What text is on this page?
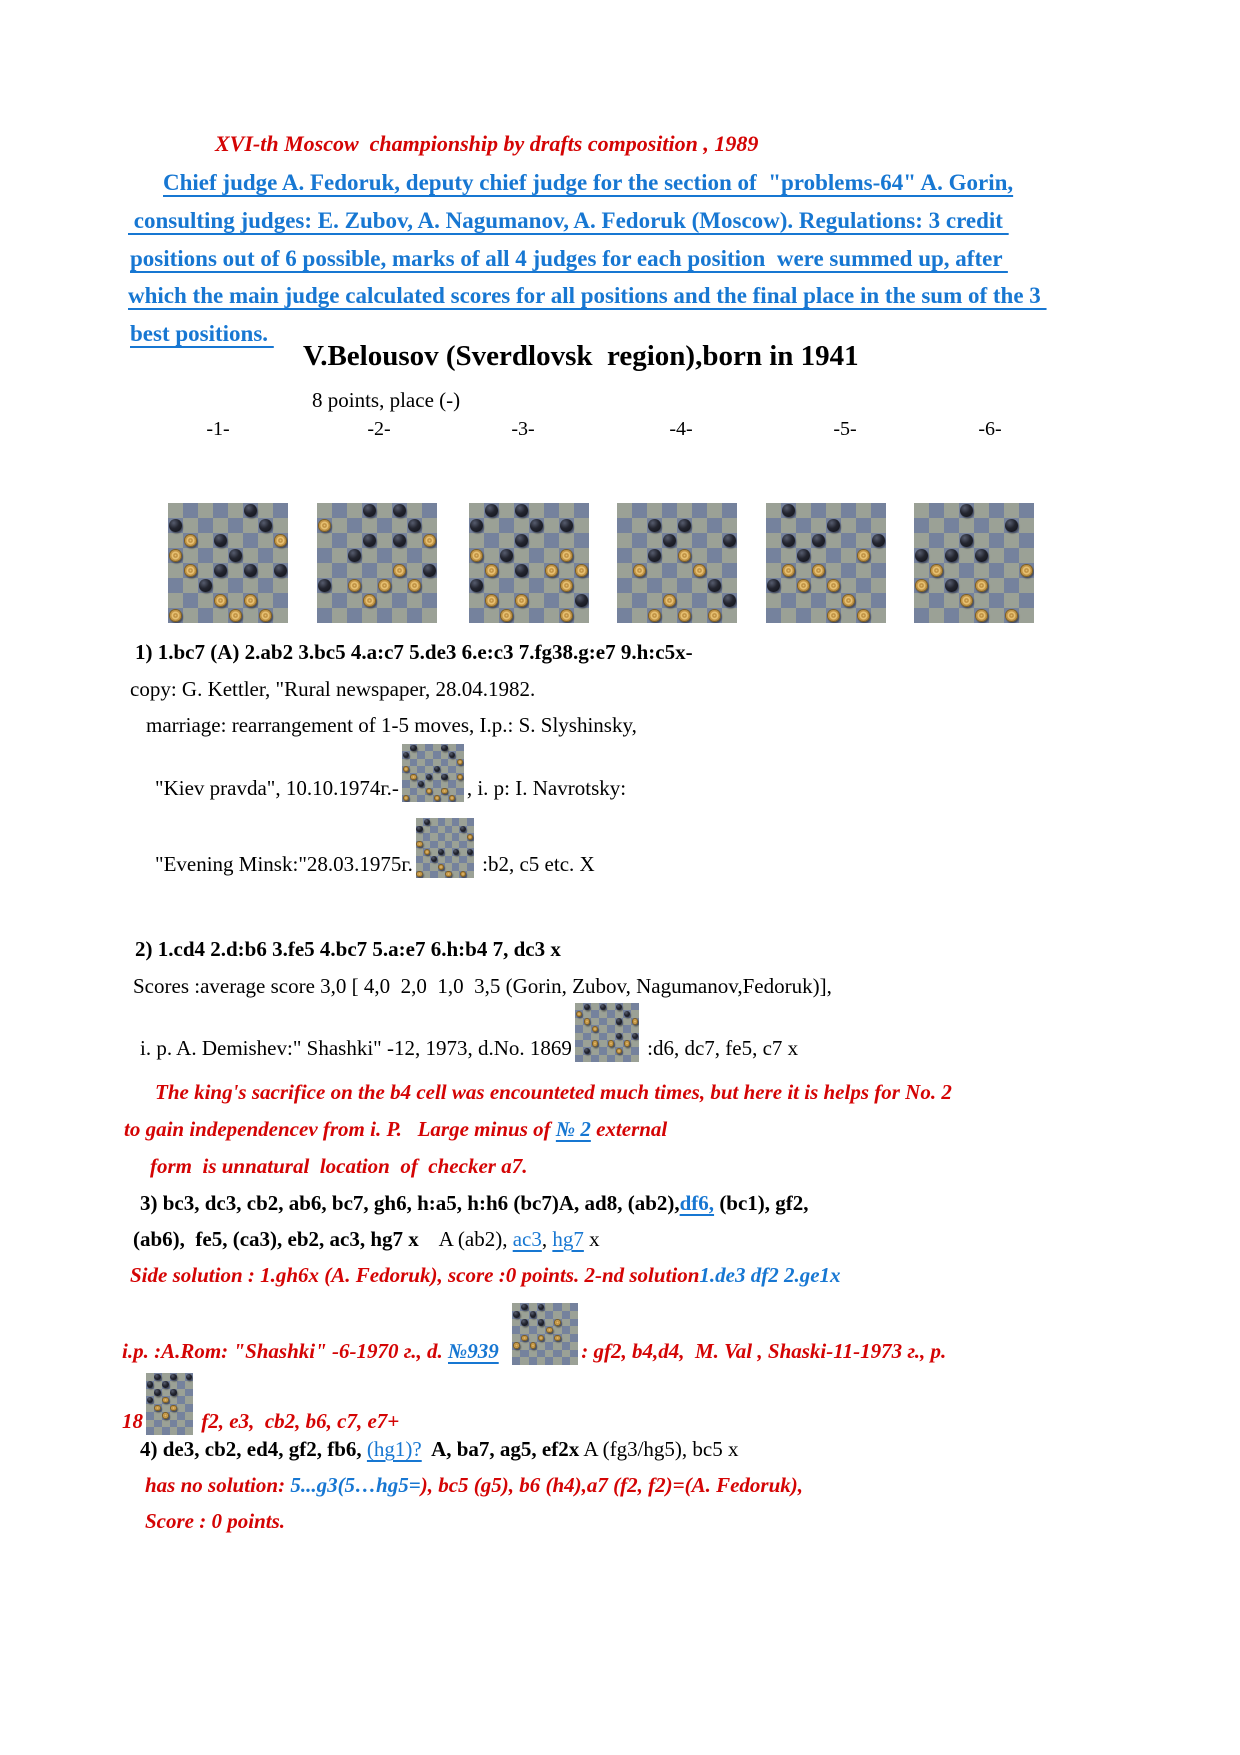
XVI-th Moscow  championship by drafts composition , 1989
Chief judge A. Fedoruk, deputy chief judge for the section of  "problems-64" A. Gorin,
consulting judges: E. Zubov, A. Nagumanov, A. Fedoruk (Moscow). Regulations: 3 credit
positions out of 6 possible, marks of all 4 judges for each position  were summed up, after
which the main judge calculated scores for all positions and the final place in the sum of the 3
best positions.
V.Belousov (Sverdlovsk  region),born in 1941
8 points, place (-)
-1-	-2-	-3-	-4-	-5-	-6-
1) 1.bc7 (A) 2.ab2 3.bc5 4.a:c7 5.de3 6.e:c3 7.fg38.g:e7 9.h:c5x-
copy: G. Kettler, "Rural newspaper, 28.04.1982.
marriage: rearrangement of 1-5 moves, I.p.: S. Slyshinsky,
"Kiev pravda", 10.10.1974г.-	, i. p: I. Navrotsky:
"Evening Minsk:"28.03.1975г.	:b2, c5 etc. X
2) 1.cd4 2.d:b6 3.fe5 4.bc7 5.a:e7 6.h:b4 7, dc3 x
Scores :average score 3,0 [ 4,0  2,0  1,0  3,5 (Gorin, Zubov, Nagumanov,Fedoruk)],
i. p. A. Demishev:" Shashki" -12, 1973, d.No. 1869	:d6, dc7, fe5, c7 x
The king's sacrifice on the b4 cell was encounteted much times, but here it is helps for No. 2
to gain independencev from i. P.   Large minus of № 2 external
form  is unnatural  location  of  checker a7.
3) bc3, dc3, cb2, ab6, bc7, gh6, h:a5, h:h6 (bc7)A, ad8, (ab2),df6, (bc1), gf2,
(ab6),  fe5, (ca3), eb2, ac3, hg7 x    A (ab2), ac3, hg7 x
Side solution : 1.gh6x (A. Fedoruk), score :0 points. 2-nd solution1.de3 df2 2.ge1x
i.p. :A.Rom: "Shashki" -6-1970 г., d. №939	: gf2, b4,d4,  M. Val , Shaski-11-1973 г., p.
18	f2, e3,  cb2, b6, c7, e7+
4) de3, cb2, ed4, gf2, fb6, (hg1)?  A, ba7, ag5, ef2x A (fg3/hg5), bc5 x
has no solution: 5...g3(5…hg5=), bc5 (g5), b6 (h4),a7 (f2, f2)=(A. Fedoruk),
Score : 0 points.
